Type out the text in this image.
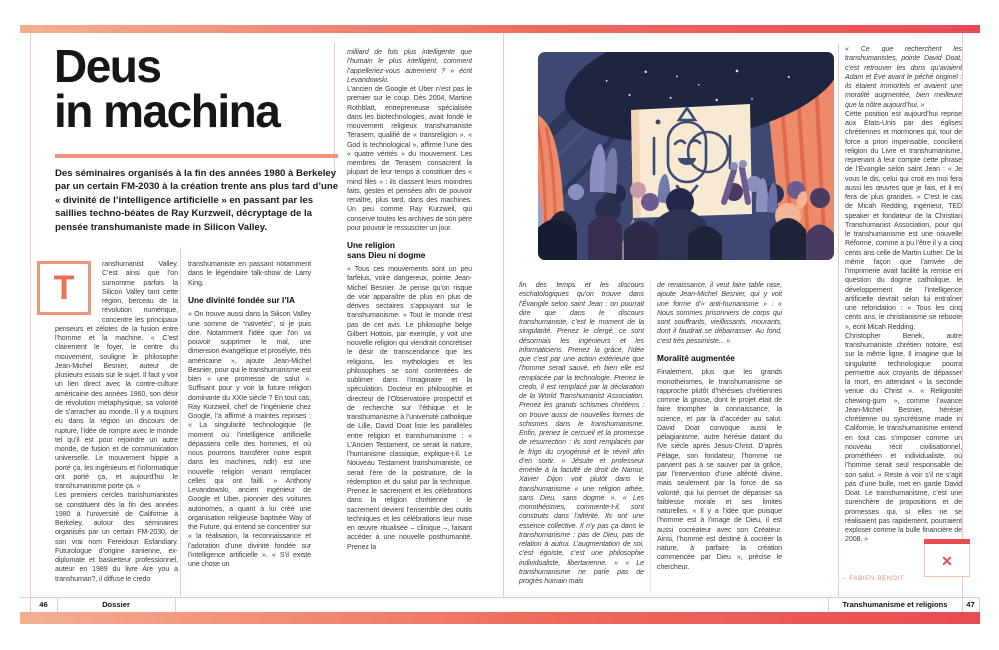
Deus
in machina
Des séminaires organisés à la fin des années 1980 à Berkeley par un certain FM-2030 à la création trente ans plus tard d’une « divinité de l’intelligence artificielle » en passant par les saillies techno-béates de Ray Kurzweil, décryptage de la pensée transhumaniste made in Silicon Valley.
T

ranshumanist Valley. C’est ainsi que l’on surnomme parfois la Silicon Valley tant cette région, berceau de la révolution numérique, concentre les principaux penseurs et zélotes de la fusion entre l’homme et la machine. « C’est clairement le foyer, le centre du mouvement, souligne le philosophe Jean-Michel Besnier, auteur de plusieurs essais sur le sujet. Il faut y voir un lien direct avec la contre-culture américaine des années 1960, son désir de révolution métaphysique, sa volonté de s’arracher au monde. Il y a toujours eu dans la région un discours de rupture, l’idée de rompre avec le monde tel qu’il est pour rejoindre un autre monde, de fusion et de communication universelle. Le mouvement hippie a porté ça, les ingénieurs et l’informatique ont porté ça, et aujourd’hui le transhumanisme porte ça. »

Les premiers cercles transhumanistes se constituent dès la fin des années 1980 à l’université de Californie à Berkeley, autour des séminaires organisés par un certain FM-2030, de son vrai nom Fereidoun Esfandiary. Futurologue d’origine iranienne, ex-diplomate et basketteur professionnel, auteur en 1989 du livre Are you a transhuman?, il diffuse le credo

transhumaniste en passant notamment dans le légendaire talk-show de Larry King.

Une divinité fondée sur l’IA

« On trouve aussi dans la Silicon Valley une somme de “naïvetés”, si je puis dire. Notamment l’idée que l’on va pouvoir supprimer le mal, une dimension évangélique et prosélyte, très américaine », ajoute Jean-Michel Besnier, pour qui le transhumanisme est bien « une promesse de salut ». Suffisant pour y voir la future religion dominante du XXIe siècle ? En tout cas, Ray Kurzweil, chef de l’ingénierie chez Google, l’a affirmé à maintes reprises : « La singularité technologique (le moment où l’intelligence artificielle dépassera celle des hommes, et où nous pourrons transférer notre esprit dans les machines, ndlr) est une nouvelle religion venant remplacer celles qui ont failli. » Anthony Levandowski, ancien ingénieur de Google et Uber, pionnier des voitures autonomes, a quant à lui créé une organisation religieuse baptisée Way of the Future, qui entend se concentrer sur « la réalisation, la reconnaissance et l’adoration d’une divinité fondée sur l’intelligence artificielle ». « S’il existe une chose un

milliard de fois plus intelligente que l’humain le plus intelligent, comment l’appelleriez-vous autrement ? » écrit Levandowski.

L’ancien de Google et Uber n’est pas le premier sur le coup. Dès 2004, Martine Rothblatt, entrepreneuse spécialisée dans les biotechnologies, avait fondé le mouvement religieux transhumaniste Terasem, qualifié de « transreligion ». « God is technological », affirme l’une des « quatre vérités » du mouvement. Les membres de Terasem consacrent la plupart de leur temps à constituer des « mind files » : ils classent leurs moindres faits, gestes et pensées afin de pouvoir renaître, plus tard, dans des machines. Un peu comme Ray Kurzweil, qui conserve toutes les archives de son père pour pouvoir le ressusciter un jour.

Une religion

sans Dieu ni dogme

« Tous ces mouvements sont un peu farfelus, voire dangereux, pointe Jean-Michel Besnier. Je pense qu’on risque de voir apparaître de plus en plus de dérives sectaires s’appuyant sur le transhumanisme. » Tout le monde n’est pas de cet avis. Le philosophe belge Gilbert Hottois, par exemple, y voit une nouvelle religion qui viendrait concrétiser le désir de transcendance que les religions, les mythologies et les philosophies se sont contentées de sublimer dans l’imaginaire et la spéculation. Docteur en philosophie et directeur de l’Observatoire prospectif et de recherche sur l’éthique et le transhumanisme à l’université catholique de Lille, David Doat liste les parallèles entre religion et transhumanisme : « L’Ancien Testament, ce serait la nature, l’humanisme classique, explique-t-il. Le Nouveau Testament transhumaniste, ce serait l’ère de la postnature, de la rédemption et du salut par la technique. Prenez le sacrement et les célébrations dans la religion chrétienne : le sacrement devient l’ensemble des outils techniques et les célébrations leur mise en œuvre ritualisée – clinique –, faisant accéder à une nouvelle posthumanité. Prenez la

fin des temps et les discours eschatologiques qu’on trouve dans l’Évangile selon saint Jean : on pourrait dire que dans le discours transhumaniste, c’est le moment de la singularité. Prenez le clergé, ce sont désormais les ingénieurs et les informaticiens. Prenez la grâce, l’idée que c’est par une action extérieure que l’homme serait sauvé, eh bien elle est remplacée par la technologie. Prenez le credo, il est remplacé par la déclaration de la World Transhumanist Association. Prenez les grands schismes chrétiens : on trouve aussi de nouvelles formes de schismes dans le transhumanisme. Enfin, prenez le cercueil et la promesse de résurrection : ils sont remplacés par le frigo du cryogénisé et le réveil afin d’en sortir. » Jésuite et professeur émérite à la faculté de droit de Namur, Xavier Dijon voit plutôt dans le transhumanisme « une religion athée, sans Dieu, sans dogme ». « Les monothéismes, commente-t-il, sont construits dans l’altérité. Ils ont une essence collective. Il n’y pas ça dans le transhumanisme : pas de Dieu, pas de relation à autrui. L’augmentation de soi, c’est égoïste, c’est une philosophie individualiste, libertarienne. » « Le transhumanisme ne parle pas de progrès humain mais

de renaissance, il veut faire table rase, ajoute Jean-Michel Besnier, qui y voit une forme d’« anti-humanisme » : « Nous sommes prisonniers de corps qui sont souffrants, vieillissants, mourants, dont il faudrait se débarrasser. Au fond, c’est très pessimiste... »

Moralité augmentée

Finalement, plus que les grands monothéismes, le transhumanisme se rapproche plutôt d’hérésies chrétiennes comme la gnose, dont le projet était de faire triompher la connaissance, la science, et par là d’accéder au salut. David Doat convoque aussi le pélagianisme, autre hérésie datant du IVe siècle après Jésus-Christ. D’après Pélage, son fondateur, l’homme ne parvient pas à se sauver par la grâce, par l’intervention d’une altérité divine, mais seulement par la force de sa volonté, qui lui permet de dépasser sa faiblesse morale et ses limites naturelles. « Il y a l’idée que puisque l’homme est à l’image de Dieu, il est aussi cocréateur avec son Créateur. Ainsi, l’homme est destiné à cocréer la nature, à parfaire la création commencée par Dieu », précise le chercheur.

« Ce que recherchent les transhumanistes, pointe David Doat, c’est retrouver les dons qu’avaient Adam et Ève avant le péché originel : ils étaient immortels et avaient une moralité augmentée, bien meilleure que la nôtre aujourd’hui. »

Cette position est aujourd’hui reprise aux États-Unis par des églises chrétiennes et mormones qui, tour de force a priori impensable, concilient religion du Livre et transhumanisme, reprenant à leur compte cette phrase de l’Évangile selon saint Jean : « Je vous le dis, celui qui croit en moi fera aussi les œuvres que je fais, et il en fera de plus grandes. » C’est le cas de Micah Redding, ingénieur, TED speaker et fondateur de la Christian Transhumanist Association, pour qui le transhumanisme est une nouvelle Réforme, comme a pu l’être il y a cinq cents ans celle de Martin Luther. De la même façon que l’arrivée de l’imprimerie avait facilité la remise en question du dogme catholique, le développement de l’intelligence artificielle devrait selon lui entraîner une refondation : « Tous les cinq cents ans, le christianisme se reboote », écrit Micah Redding.

Christopher Benek, autre transhumaniste chrétien notoire, est sur la même ligne. Il imagine que la singularité technologique pourra permettre aux croyants de dépasser la mort, en attendant « la seconde venue du Christ ». « Religiosité chewing-gum », comme l’avance Jean-Michel Besnier, hérésie chrétienne ou syncrétisme made in Californie, le transhumanisme entend en tout cas s’imposer comme un nouveau récit civilisationnel, prométhéen et individualiste, où l’homme serait seul responsable de son salut. « Reste à voir s’il ne s’agit pas d’une bulle, met en garde David Doat. Le transhumanisme, c’est une surenchère de propositions et de promesses qui, si elles ne se réalisaient pas rapidement, pourraient exploser comme la bulle financière de 2008. »

– FABIEN BENOIT
✕
46	Dossier	Transhumanisme et religions	47
